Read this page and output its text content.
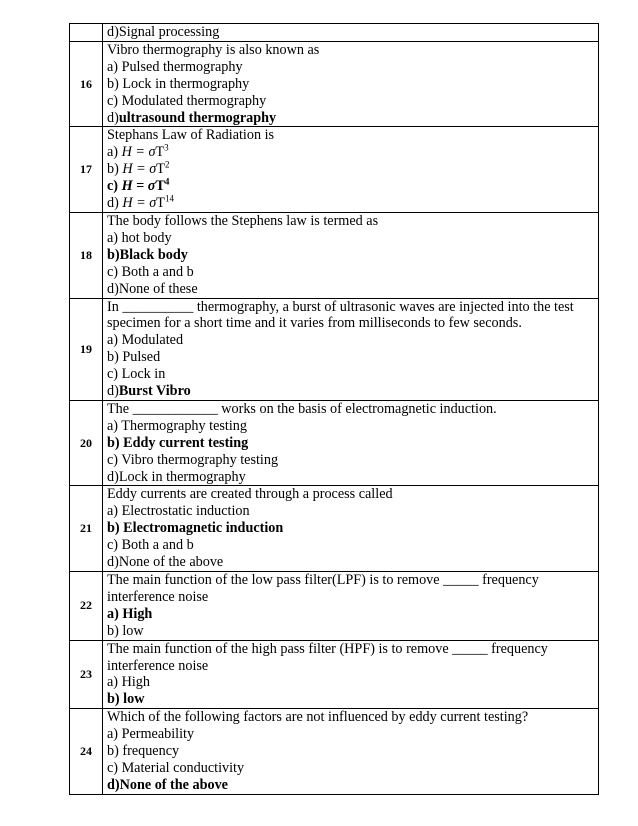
	d)Signal processing

16	Vibro thermography is also known as
a) Pulsed thermography
b) Lock in thermography
c) Modulated thermography
d)ultrasound thermography

17	Stephans Law of Radiation is
a) $H = \sigma T^3$
b) $H = \sigma T^2$
c) $H = \sigma T^4$
d) $H = \sigma T^{14}$

18	The body follows the Stephens law is termed as
a) hot body
b)Black body
c) Both a and b
d)None of these

19	In __________ thermography, a burst of ultrasonic waves are injected into the test specimen for a short time and it varies from milliseconds to few seconds.
a) Modulated
b) Pulsed
c) Lock in
d)Burst Vibro

20	The ____________ works on the basis of electromagnetic induction.
a) Thermography testing
b) Eddy current testing
c) Vibro thermography testing
d)Lock in thermography

21	Eddy currents are created through a process called
a) Electrostatic induction
b) Electromagnetic induction
c) Both a and b
d)None of the above

22	The main function of the low pass filter(LPF) is to remove _____ frequency interference noise
a) High
b) low

23	The main function of the high pass filter (HPF) is to remove _____ frequency interference noise
a) High
b) low

24	Which of the following factors are not influenced by eddy current testing?
a) Permeability
b) frequency
c) Material conductivity
d)None of the above
